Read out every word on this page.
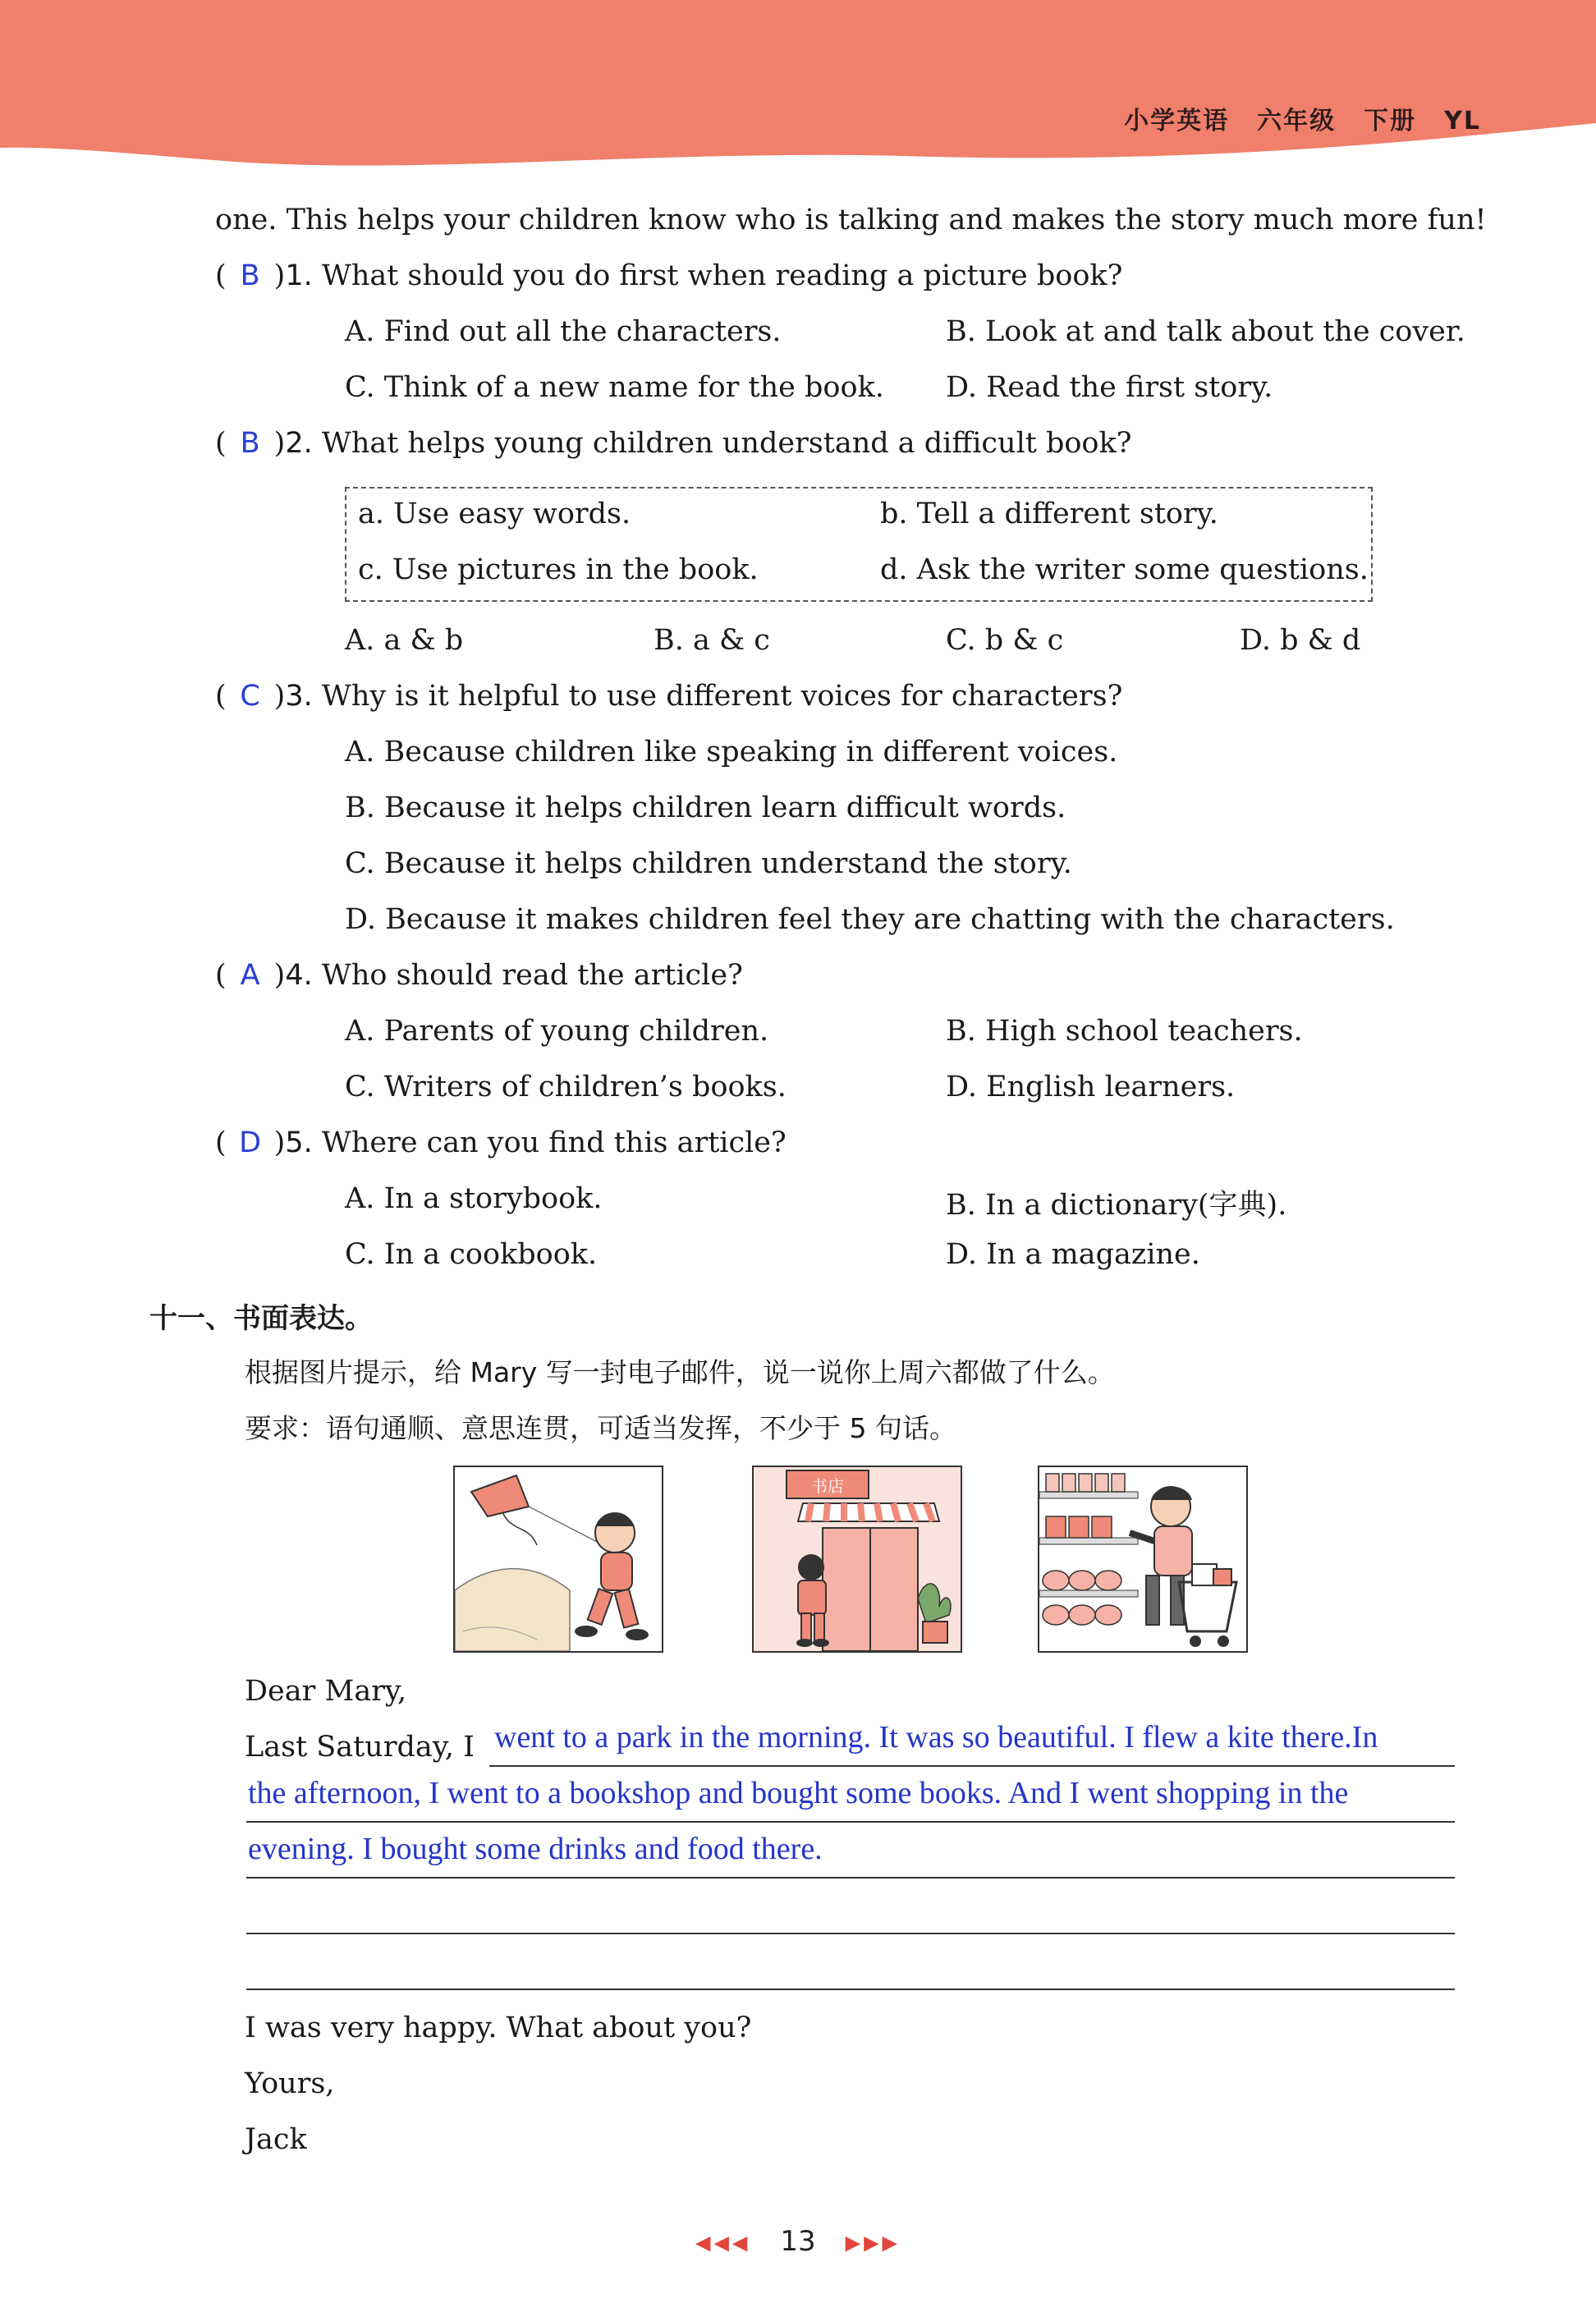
小学英语 六年级 下册 YL
one. This helps your children know who is talking and makes the story much more fun!
( B )1. What should you do first when reading a picture book?
A. Find out all the characters.	B. Look at and talk about the cover.
C. Think of a new name for the book. D. Read the first story.
( B )2. What helps young children understand a difficult book?
a. Use easy words.	b. Tell a different story.
c. Use pictures in the book.	d. Ask the writer some questions.
A. a & b	B. a & c	C. b & c	D. b & d
( C )3. Why is it helpful to use different voices for characters?
A. Because children like speaking in different voices.
B. Because it helps children learn difficult words.
C. Because it helps children understand the story.
D. Because it makes children feel they are chatting with the characters.
( A )4. Who should read the article?
A. Parents of young children.	B. High school teachers.
C. Writers of children’s books.	D. English learners.
( D )5. Where can you find this article?
A. In a storybook.	B. In a dictionary(字典).
C. In a cookbook.	D. In a magazine.
十一、书面表达。
根据图片提示，给 Mary 写一封电子邮件，说一说你上周六都做了什么。
要求：语句通顺、意思连贯，可适当发挥，不少于 5 句话。
书店
Dear Mary,
Last Saturday, I went to a park in the morning. It was so beautiful. I flew a kite there.In
the afternoon, I went to a bookshop and bought some books. And I went shopping in the
evening. I bought some drinks and food there.
I was very happy. What about you?
Yours,
Jack
◀◀◀ 13 ▶▶▶
